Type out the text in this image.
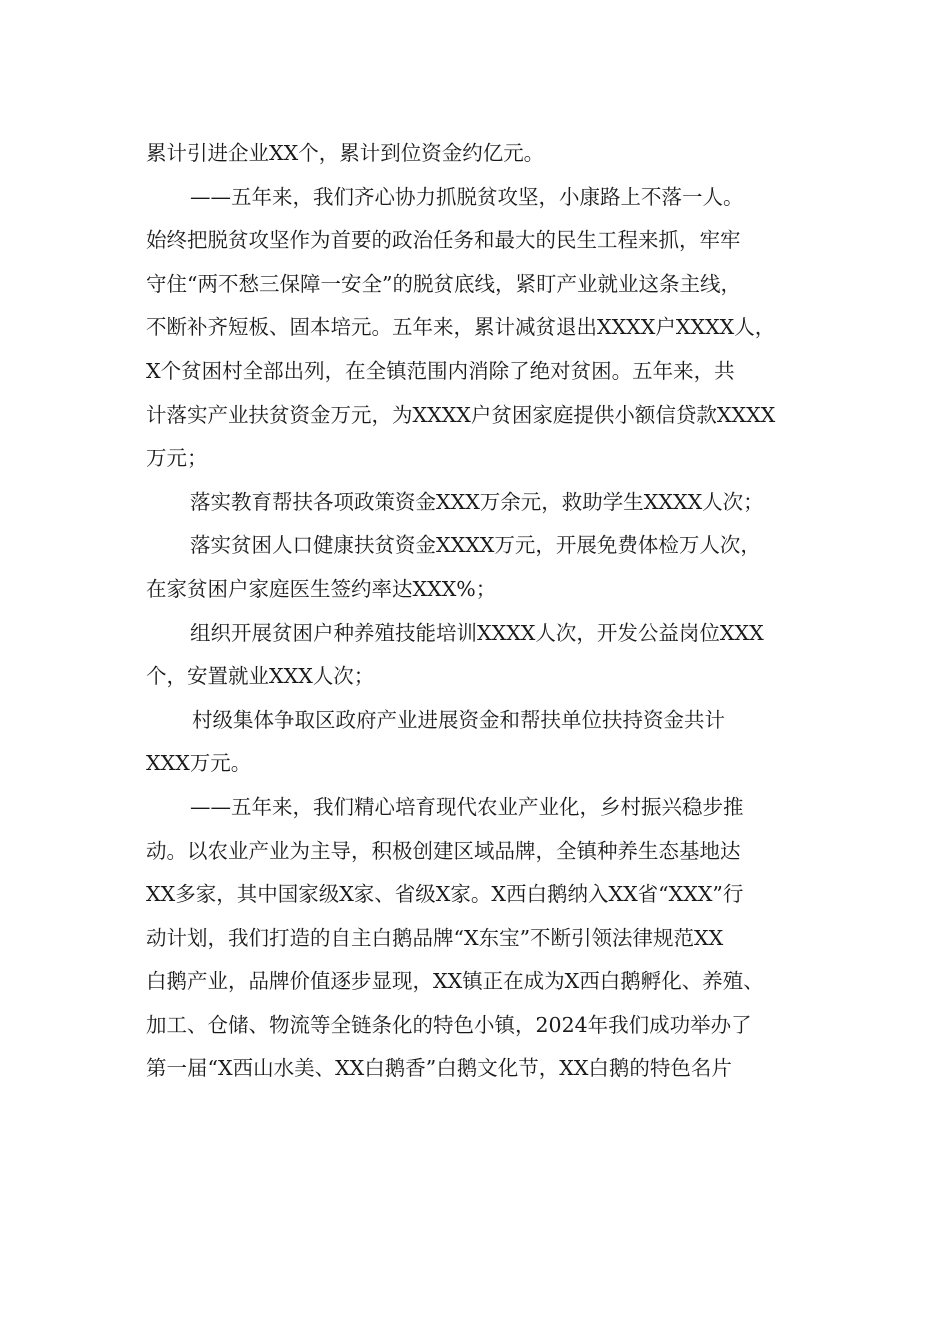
累计引进企业XX个，累计到位资金约亿元。
——五年来，我们齐心协力抓脱贫攻坚，小康路上不落一人。
始终把脱贫攻坚作为首要的政治任务和最大的民生工程来抓，牢牢
守住“两不愁三保障一安全”的脱贫底线，紧盯产业就业这条主线，
不断补齐短板、固本培元。五年来，累计减贫退出XXXX户XXXX人，
X个贫困村全部出列，在全镇范围内消除了绝对贫困。五年来，共
计落实产业扶贫资金万元，为XXXX户贫困家庭提供小额信贷款XXXX
万元；
落实教育帮扶各项政策资金XXX万余元，救助学生XXXX人次；
落实贫困人口健康扶贫资金XXXX万元，开展免费体检万人次，
在家贫困户家庭医生签约率达XXX%；
组织开展贫困户种养殖技能培训XXXX人次，开发公益岗位XXX
个，安置就业XXX人次；
村级集体争取区政府产业进展资金和帮扶单位扶持资金共计
XXX万元。
——五年来，我们精心培育现代农业产业化，乡村振兴稳步推
动。以农业产业为主导，积极创建区域品牌，全镇种养生态基地达
XX多家，其中国家级X家、省级X家。X西白鹅纳入XX省“XXX”行
动计划，我们打造的自主白鹅品牌“X东宝”不断引领法律规范XX
白鹅产业，品牌价值逐步显现，XX镇正在成为X西白鹅孵化、养殖、
加工、仓储、物流等全链条化的特色小镇，2024年我们成功举办了
第一届“X西山水美、XX白鹅香”白鹅文化节，XX白鹅的特色名片
